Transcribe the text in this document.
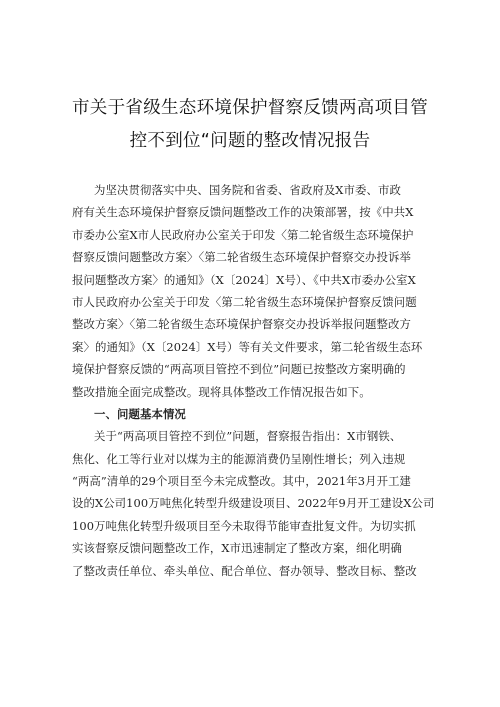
市关于省级生态环境保护督察反馈两高项目管
控不到位“问题的整改情况报告
为坚决贯彻落实中央、国务院和省委、省政府及X市委、市政
府有关生态环境保护督察反馈问题整改工作的决策部署，按《中共X
市委办公室X市人民政府办公室关于印发〈第二轮省级生态环境保护
督察反馈问题整改方案〉〈第二轮省级生态环境保护督察交办投诉举
报问题整改方案〉的通知》（X〔2024〕X号）、《中共X市委办公室X
市人民政府办公室关于印发〈第二轮省级生态环境保护督察反馈问题
整改方案〉〈第二轮省级生态环境保护督察交办投诉举报问题整改方
案〉的通知》（X〔2024〕X号）等有关文件要求，第二轮省级生态环
境保护督察反馈的“两高项目管控不到位”问题已按整改方案明确的
整改措施全面完成整改。现将具体整改工作情况报告如下。
一、问题基本情况
关于“两高项目管控不到位”问题，督察报告指出：X市钢铁、
焦化、化工等行业对以煤为主的能源消费仍呈刚性增长；列入违规
“两高”清单的29个项目至今未完成整改。其中，2021年3月开工建
设的X公司100万吨焦化转型升级建设项目、2022年9月开工建设X公司
100万吨焦化转型升级项目至今未取得节能审查批复文件。为切实抓
实该督察反馈问题整改工作，X市迅速制定了整改方案，细化明确
了整改责任单位、牵头单位、配合单位、督办领导、整改目标、整改
